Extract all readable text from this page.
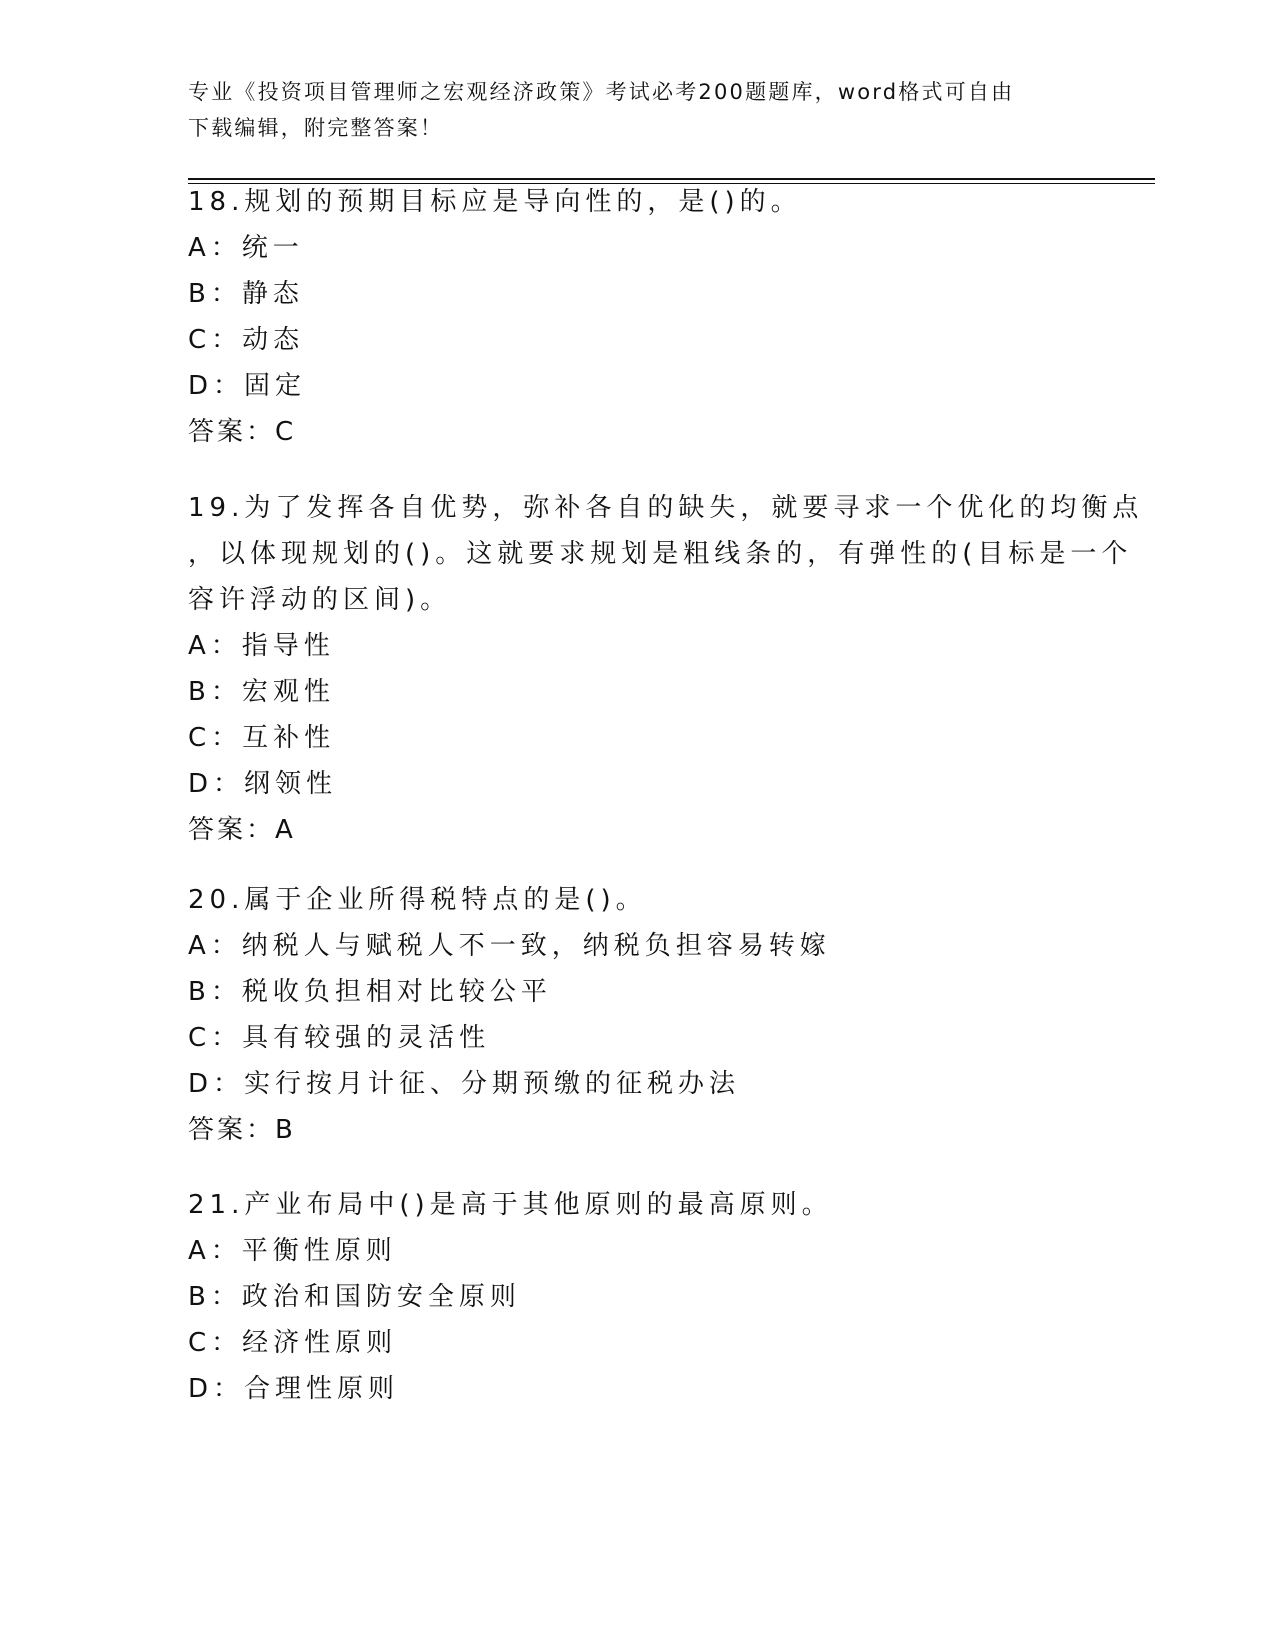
专业《投资项目管理师之宏观经济政策》考试必考200题题库，word格式可自由
下载编辑，附完整答案！
18.规划的预期目标应是导向性的，是()的。
A：统一
B：静态
C：动态
D：固定
答案：C
19.为了发挥各自优势，弥补各自的缺失，就要寻求一个优化的均衡点
，以体现规划的()。这就要求规划是粗线条的，有弹性的(目标是一个
容许浮动的区间)。
A：指导性
B：宏观性
C：互补性
D：纲领性
答案：A
20.属于企业所得税特点的是()。
A：纳税人与赋税人不一致，纳税负担容易转嫁
B：税收负担相对比较公平
C：具有较强的灵活性
D：实行按月计征、分期预缴的征税办法
答案：B
21.产业布局中()是高于其他原则的最高原则。
A：平衡性原则
B：政治和国防安全原则
C：经济性原则
D：合理性原则
